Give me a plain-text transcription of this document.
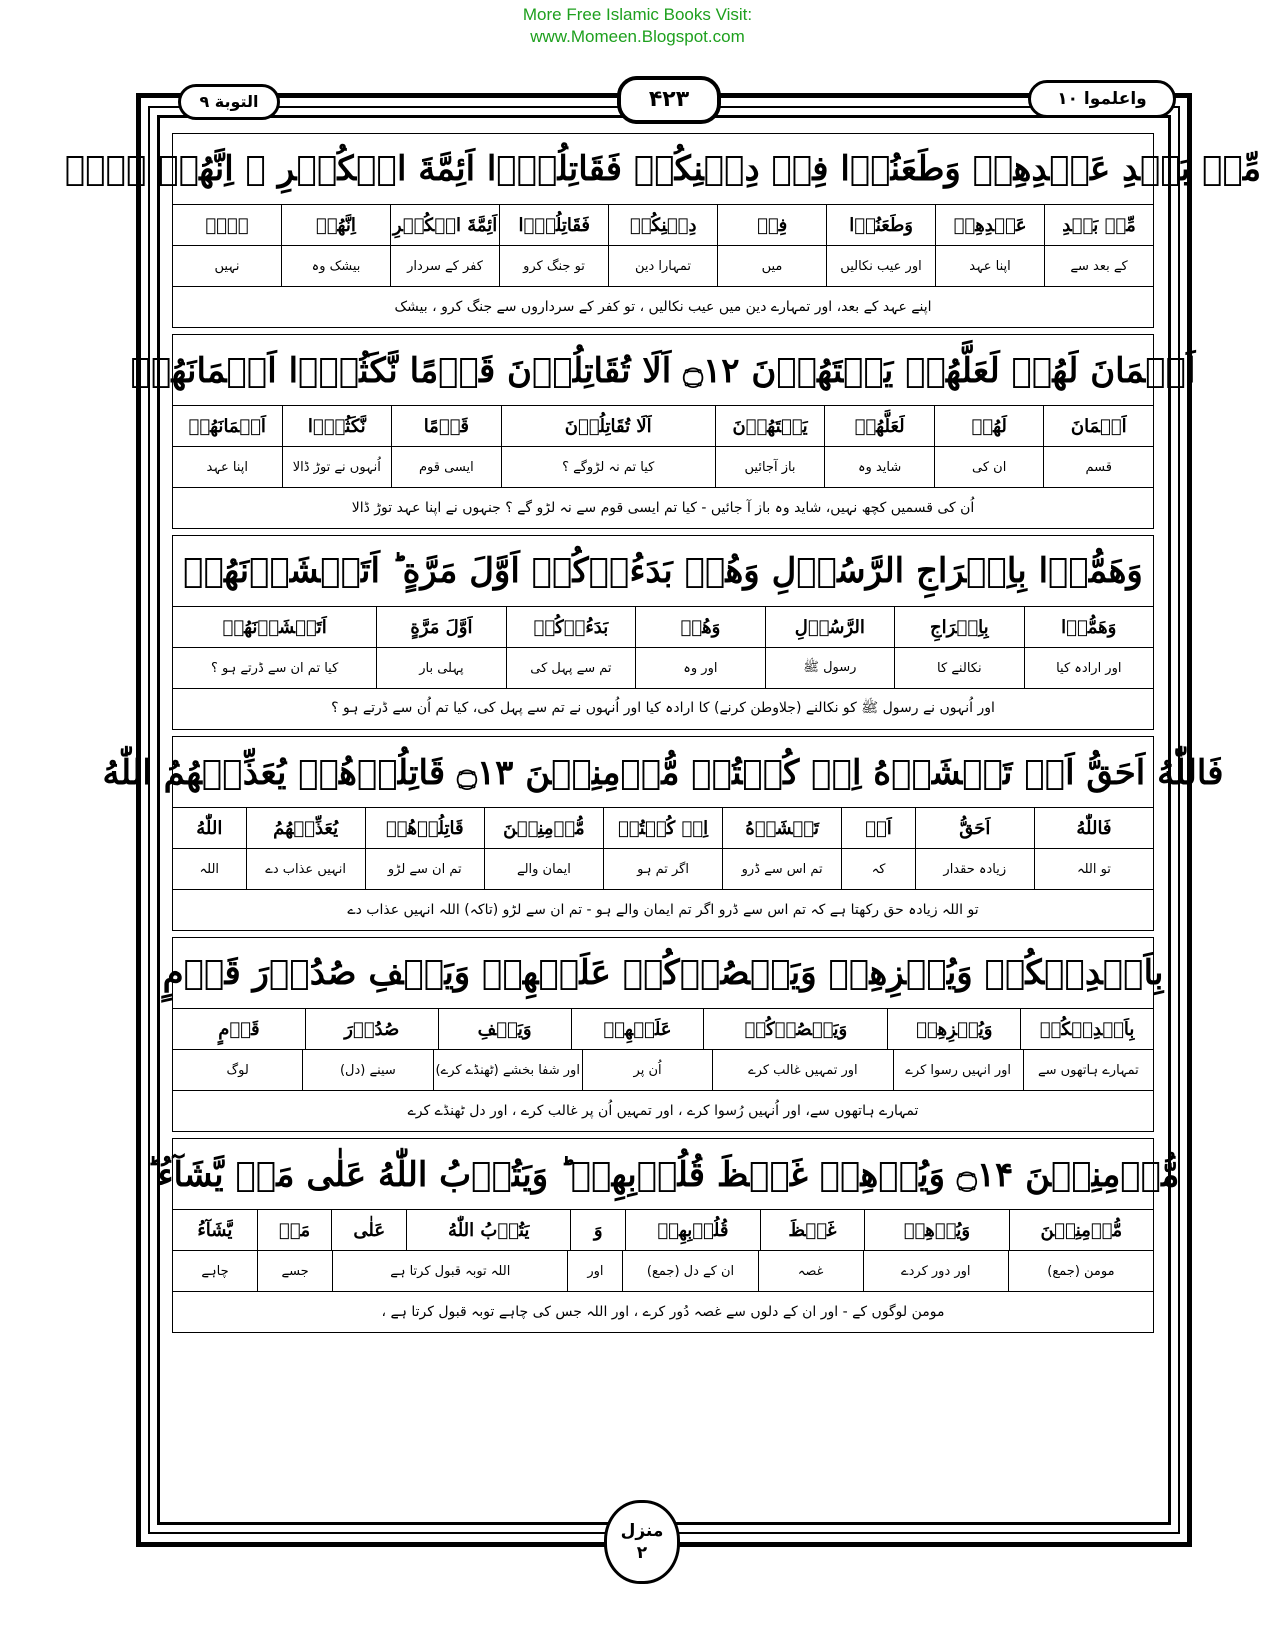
More Free Islamic Books Visit:
www.Momeen.Blogspot.com
التوبة ۹	۴۲۳	واعلموا ۱۰
مِّنۡ بَعۡدِ عَهۡدِهِمۡ وَطَعَنُوۡا فِىۡ دِيۡنِكُمۡ فَقَاتِلُوۡۤا اَئِمَّةَ الۡكُفۡرِ ۙ اِنَّهُمۡ لَاۤ
مِّنۡ بَعۡدِ
عَهۡدِهِمۡ
وَطَعَنُوۡا
فِىۡ
دِيۡنِكُمۡ
فَقَاتِلُوۡۤا
اَئِمَّةَ الۡكُفۡرِ
اِنَّهُمۡ
لَاۤ
کے بعد سے
اپنا عہد
اور عیب نکالیں
میں
تمہارا دین
تو جنگ کرو
کفر کے سردار
بیشک وہ
نہیں
اپنے عہد کے بعد، اور تمہارے دین میں عیب نکالیں ، تو کفر کے سرداروں سے جنگ کرو ، بیشک
اَيۡمَانَ لَهُمۡ لَعَلَّهُمۡ يَنۡتَهُوۡنَ ۝۱۲ اَلَا تُقَاتِلُوۡنَ قَوۡمًا نَّكَثُوۡۤا اَيۡمَانَهُمۡ
اَيۡمَانَ
لَهُمۡ
لَعَلَّهُمۡ
يَنۡتَهُوۡنَ
اَلَا تُقَاتِلُوۡنَ
قَوۡمًا
نَّكَثُوۡۤا
اَيۡمَانَهُمۡ
قسم
ان کی
شاید وہ
باز آجائیں
کیا تم نہ لڑوگے ؟
ایسی قوم
اُنہوں نے توڑ ڈالا
اپنا عہد
اُن کی قسمیں کچھ نہیں، شاید وہ باز آ جائیں - کیا تم ایسی قوم سے نہ لڑو گے ؟ جنہوں نے اپنا عہد توڑ ڈالا
وَهَمُّوۡا بِاِخۡرَاجِ الرَّسُوۡلِ وَهُمۡ بَدَءُوۡكُمۡ اَوَّلَ مَرَّةٍ ؕ اَتَخۡشَوۡنَهُمۡ
وَهَمُّوۡا
بِاِخۡرَاجِ
الرَّسُوۡلِ
وَهُمۡ
بَدَءُوۡكُمۡ
اَوَّلَ مَرَّةٍ
اَتَخۡشَوۡنَهُمۡ
اور ارادہ کیا
نکالنے کا
رسول ﷺ
اور وہ
تم سے پہل کی
پہلی بار
کیا تم ان سے ڈرتے ہو ؟
اور اُنہوں نے رسول ﷺ کو نکالنے (جلاوطن کرنے) کا ارادہ کیا اور اُنہوں نے تم سے پہل کی، کیا تم اُن سے ڈرتے ہو ؟
فَاللّٰهُ اَحَقُّ اَنۡ تَخۡشَوۡهُ اِنۡ كُنۡتُمۡ مُّؤۡمِنِيۡنَ ۝۱۳ قَاتِلُوۡهُمۡ يُعَذِّبۡهُمُ اللّٰهُ
فَاللّٰهُ
اَحَقُّ
اَنۡ
تَخۡشَوۡهُ
اِنۡ كُنۡتُمۡ
مُّؤۡمِنِيۡنَ
قَاتِلُوۡهُمۡ
يُعَذِّبۡهُمُ
اللّٰهُ
تو اللہ
زیادہ حقدار
کہ
تم اس سے ڈرو
اگر تم ہو
ایمان والے
تم ان سے لڑو
انہیں عذاب دے
اللہ
تو اللہ زیادہ حق رکھتا ہے کہ تم اس سے ڈرو اگر تم ایمان والے ہو - تم ان سے لڑو (تاکہ) اللہ انہیں عذاب دے
بِاَيۡدِيۡكُمۡ وَيُخۡزِهِمۡ وَيَنۡصُرۡكُمۡ عَلَيۡهِمۡ وَيَشۡفِ صُدُوۡرَ قَوۡمٍ
بِاَيۡدِيۡكُمۡ
وَيُخۡزِهِمۡ
وَيَنۡصُرۡكُمۡ
عَلَيۡهِمۡ
وَيَشۡفِ
صُدُوۡرَ
قَوۡمٍ
تمہارے ہاتھوں سے
اور انہیں رسوا کرے
اور تمہیں غالب کرے
اُن پر
اور شفا بخشے (ٹھنڈے کرے)
سینے (دل)
لوگ
تمہارے ہاتھوں سے، اور اُنہیں رُسوا کرے ، اور تمہیں اُن پر غالب کرے ، اور دل ٹھنڈے کرے
مُّؤۡمِنِيۡنَ ۝۱۴ وَيُذۡهِبۡ غَيۡظَ قُلُوۡبِهِمۡ ؕ وَيَتُوۡبُ اللّٰهُ عَلٰى مَنۡ يَّشَآءُ ؕ
مُّؤۡمِنِيۡنَ
وَيُذۡهِبۡ
غَيۡظَ
قُلُوۡبِهِمۡ
وَ
يَتُوۡبُ اللّٰهُ
عَلٰى
مَنۡ
يَّشَآءُ
مومن (جمع)
اور دور کردے
غصہ
ان کے دل (جمع)
اور
اللہ توبہ قبول کرتا ہے
جسے
چاہے
مومن لوگوں کے - اور ان کے دلوں سے غصہ دُور کرے ، اور اللہ جس کی چاہے توبہ قبول کرتا ہے ،
منزل
۲
